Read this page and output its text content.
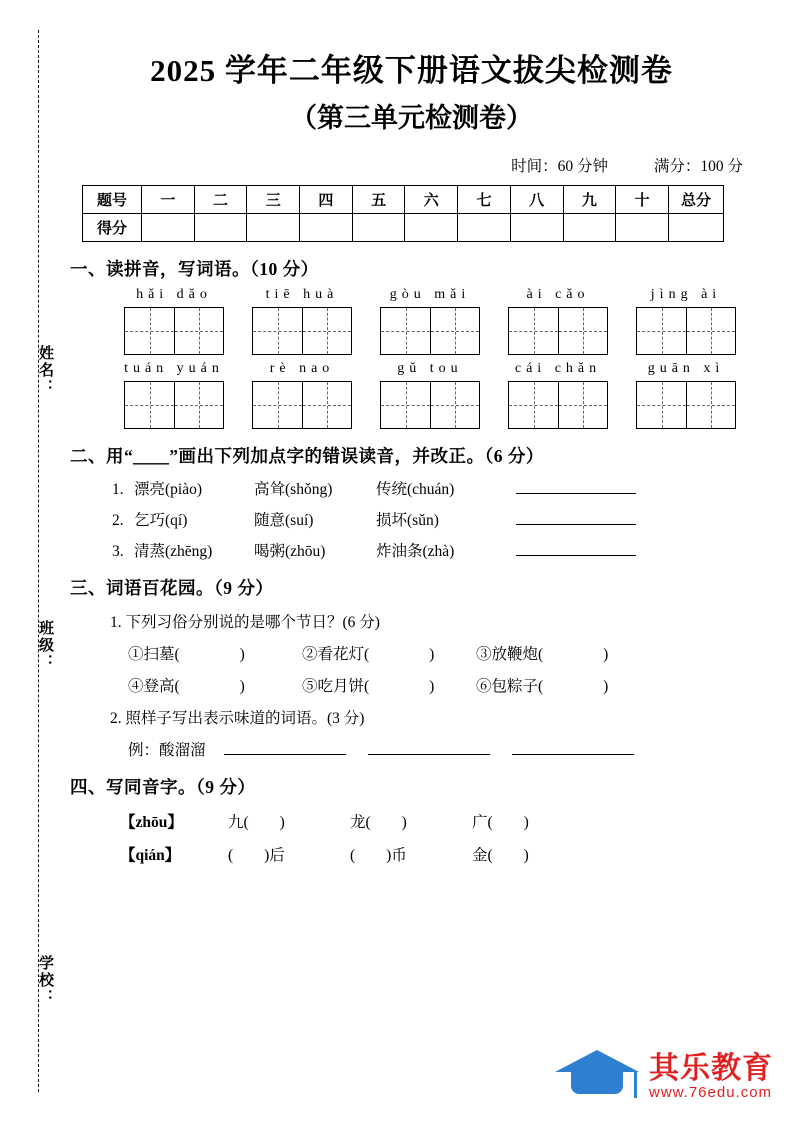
姓名：
班级：
学校：
2025 学年二年级下册语文拔尖检测卷
（第三单元检测卷）
时间：60 分钟	满分：100 分
题号	一	二	三	四	五	六	七	八	九	十	总分
得分											
一、读拼音，写词语。（10 分）
hǎi dǎo	tiē huà	gòu mǎi	ài cǎo	jìng ài
tuán yuán	rè nao	gǔ tou	cái chǎn	guān xì
二、用“＿＿”画出下列加点字的错误读音，并改正。（6 分）
1. 漂亮(piào)	高耸(shǒng)	传统(chuán)
2. 乞巧(qí)	随意(suí)	损坏(sǔn)
3. 清蒸(zhēng)	喝粥(zhōu)	炸油条(zhà)
三、词语百花园。（9 分）
1. 下列习俗分别说的是哪个节日？(6 分)
①扫墓(	)	②看花灯(	)	③放鞭炮(	)
④登高(	)	⑤吃月饼(	)	⑥包粽子(	)
2. 照样子写出表示味道的词语。(3 分)
例：酸溜溜
四、写同音字。（9 分）
【zhōu】	九(　　)	龙(　　)	广(　　)
【qián】	(　　)后	(　　)币	金(　　)
其乐教育
www.76edu.com
